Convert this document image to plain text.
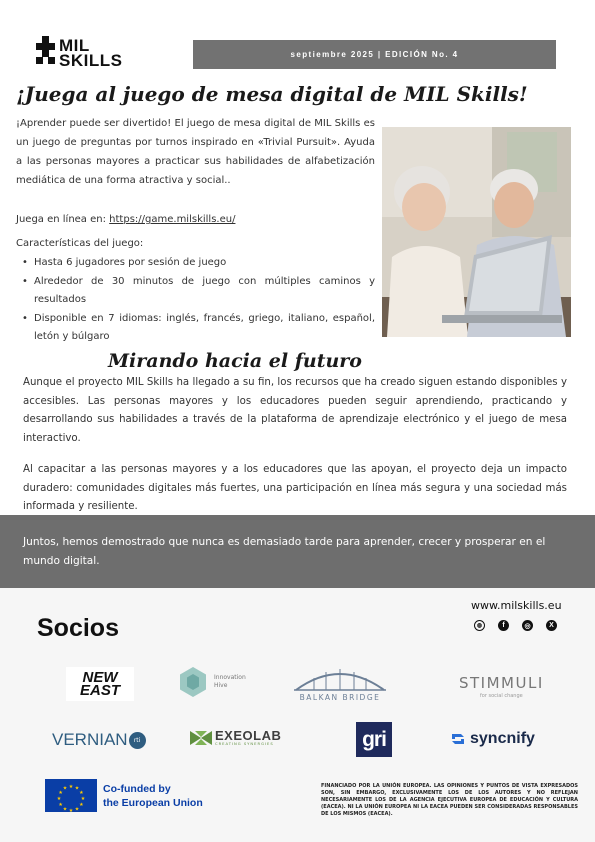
MIL
SKILLS	septiembre 2025 | EDICIÓN No. 4
¡Juega al juego de mesa digital de MIL Skills!

¡Aprender puede ser divertido! El juego de mesa digital de MIL Skills es un juego de preguntas por turnos inspirado en «Trivial Pursuit». Ayuda a las personas mayores a practicar sus habilidades de alfabetización mediática de una forma atractiva y social..

Juega en línea en: https://game.milskills.eu/

Características del juego:

• Hasta 6 jugadores por sesión de juego
• Alrededor de 30 minutos de juego con múltiples caminos y resultados
• Disponible en 7 idiomas: inglés, francés, griego, italiano, español, letón y búlgaro
Mirando hacia el futuro

Aunque el proyecto MIL Skills ha llegado a su fin, los recursos que ha creado siguen estando disponibles y accesibles. Las personas mayores y los educadores pueden seguir aprendiendo, practicando y desarrollando sus habilidades a través de la plataforma de aprendizaje electrónico y el juego de mesa interactivo.

Al capacitar a las personas mayores y a los educadores que las apoyan, el proyecto deja un impacto duradero: comunidades digitales más fuertes, una participación en línea más segura y una sociedad más informada y resiliente.

Juntos, hemos demostrado que nunca es demasiado tarde para aprender, crecer y prosperar en el mundo digital.

Socios
www.milskills.eu
◍	f	◎	X
NEW EAST
Innovation Hive
BALKAN BRIDGE
STIMMULI
for social change
VERNIAN	rti	EXEOLAB
CREATING SYNERGIES	gri	syncnify
★ ★
★
★
★
★
★
★
★
★
★
★	Co-funded by
the European Union

FINANCIADO POR LA UNIÓN EUROPEA. LAS OPINIONES Y PUNTOS DE VISTA EXPRESADOS SON, SIN EMBARGO, EXCLUSIVAMENTE LOS DE LOS AUTORES Y NO REFLEJAN NECESARIAMENTE LOS DE LA AGENCIA EJECUTIVA EUROPEA DE EDUCACIÓN Y CULTURA (EACEA). NI LA UNIÓN EUROPEA NI LA EACEA PUEDEN SER CONSIDERADAS RESPONSABLES DE LOS MISMOS (EACEA).
